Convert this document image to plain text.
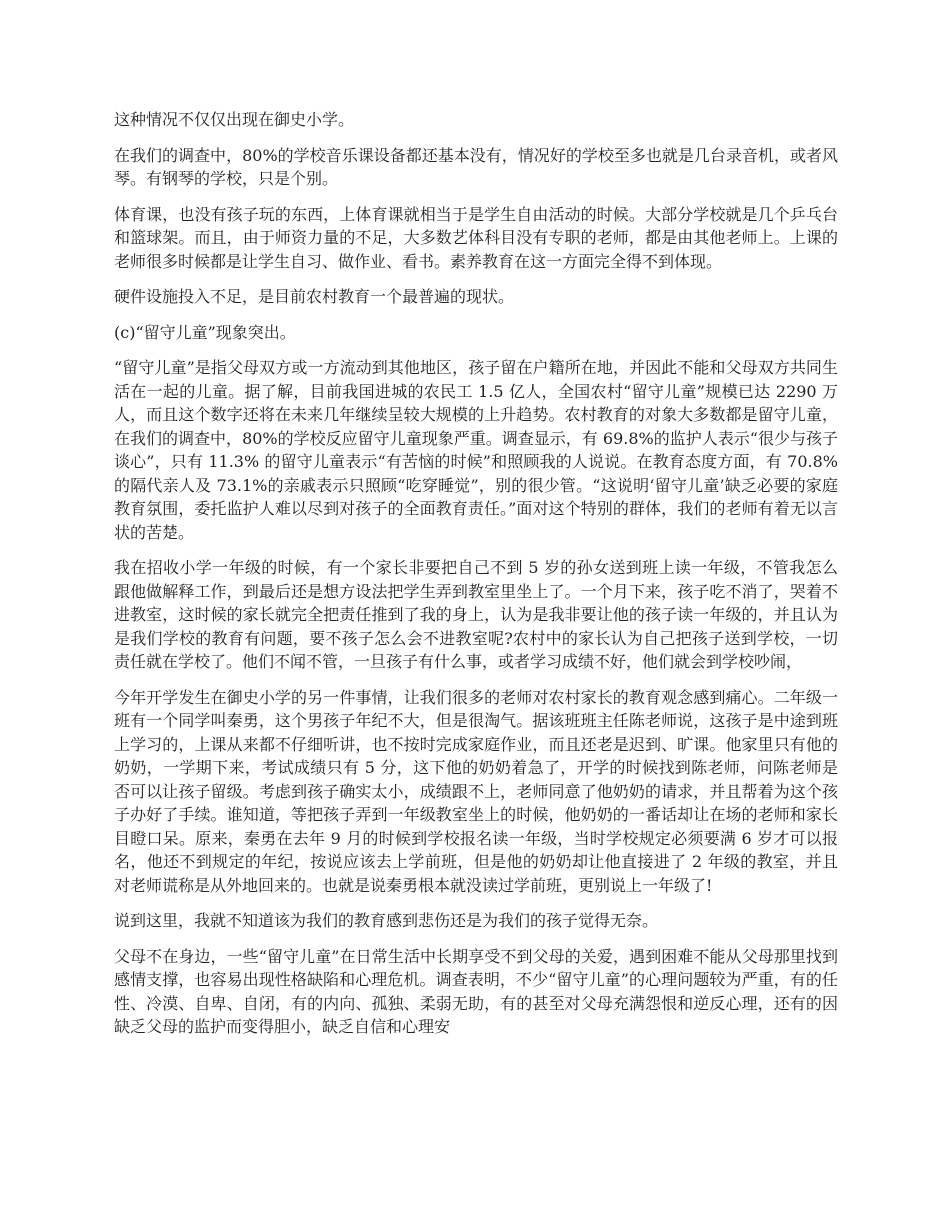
这种情况不仅仅出现在御史小学。

在我们的调查中，80%的学校音乐课设备都还基本没有，情况好的学校至多也就是几台录音机，或者风琴。有钢琴的学校，只是个别。

体育课，也没有孩子玩的东西，上体育课就相当于是学生自由活动的时候。大部分学校就是几个乒乓台和篮球架。而且，由于师资力量的不足，大多数艺体科目没有专职的老师，都是由其他老师上。上课的老师很多时候都是让学生自习、做作业、看书。素养教育在这一方面完全得不到体现。

硬件设施投入不足，是目前农村教育一个最普遍的现状。

(c)“留守儿童”现象突出。

“留守儿童”是指父母双方或一方流动到其他地区，孩子留在户籍所在地，并因此不能和父母双方共同生活在一起的儿童。据了解，目前我国进城的农民工 1.5 亿人，全国农村“留守儿童”规模已达 2290 万人，而且这个数字还将在未来几年继续呈较大规模的上升趋势。农村教育的对象大多数都是留守儿童，在我们的调查中，80%的学校反应留守儿童现象严重。调查显示，有 69.8%的监护人表示“很少与孩子谈心”，只有 11.3% 的留守儿童表示“有苦恼的时候”和照顾我的人说说。在教育态度方面，有 70.8%的隔代亲人及 73.1%的亲戚表示只照顾“吃穿睡觉”，别的很少管。“这说明‘留守儿童’缺乏必要的家庭教育氛围，委托监护人难以尽到对孩子的全面教育责任。”面对这个特别的群体，我们的老师有着无以言状的苦楚。

我在招收小学一年级的时候，有一个家长非要把自己不到 5 岁的孙女送到班上读一年级，不管我怎么跟他做解释工作，到最后还是想方设法把学生弄到教室里坐上了。一个月下来，孩子吃不消了，哭着不进教室，这时候的家长就完全把责任推到了我的身上，认为是我非要让他的孩子读一年级的，并且认为是我们学校的教育有问题，要不孩子怎么会不进教室呢?农村中的家长认为自己把孩子送到学校，一切责任就在学校了。他们不闻不管，一旦孩子有什么事，或者学习成绩不好，他们就会到学校吵闹，

今年开学发生在御史小学的另一件事情，让我们很多的老师对农村家长的教育观念感到痛心。二年级一班有一个同学叫秦勇，这个男孩子年纪不大，但是很淘气。据该班班主任陈老师说，这孩子是中途到班上学习的，上课从来都不仔细听讲，也不按时完成家庭作业，而且还老是迟到、旷课。他家里只有他的奶奶，一学期下来，考试成绩只有 5 分，这下他的奶奶着急了，开学的时候找到陈老师，问陈老师是否可以让孩子留级。考虑到孩子确实太小，成绩跟不上，老师同意了他奶奶的请求，并且帮着为这个孩子办好了手续。谁知道，等把孩子弄到一年级教室坐上的时候，他奶奶的一番话却让在场的老师和家长目瞪口呆。原来，秦勇在去年 9 月的时候到学校报名读一年级，当时学校规定必须要满 6 岁才可以报名，他还不到规定的年纪，按说应该去上学前班，但是他的奶奶却让他直接进了 2 年级的教室，并且对老师谎称是从外地回来的。也就是说秦勇根本就没读过学前班，更别说上一年级了!

说到这里，我就不知道该为我们的教育感到悲伤还是为我们的孩子觉得无奈。

父母不在身边，一些“留守儿童”在日常生活中长期享受不到父母的关爱，遇到困难不能从父母那里找到感情支撑，也容易出现性格缺陷和心理危机。调查表明，不少“留守儿童”的心理问题较为严重，有的任性、冷漠、自卑、自闭，有的内向、孤独、柔弱无助，有的甚至对父母充满怨恨和逆反心理，还有的因缺乏父母的监护而变得胆小，缺乏自信和心理安
